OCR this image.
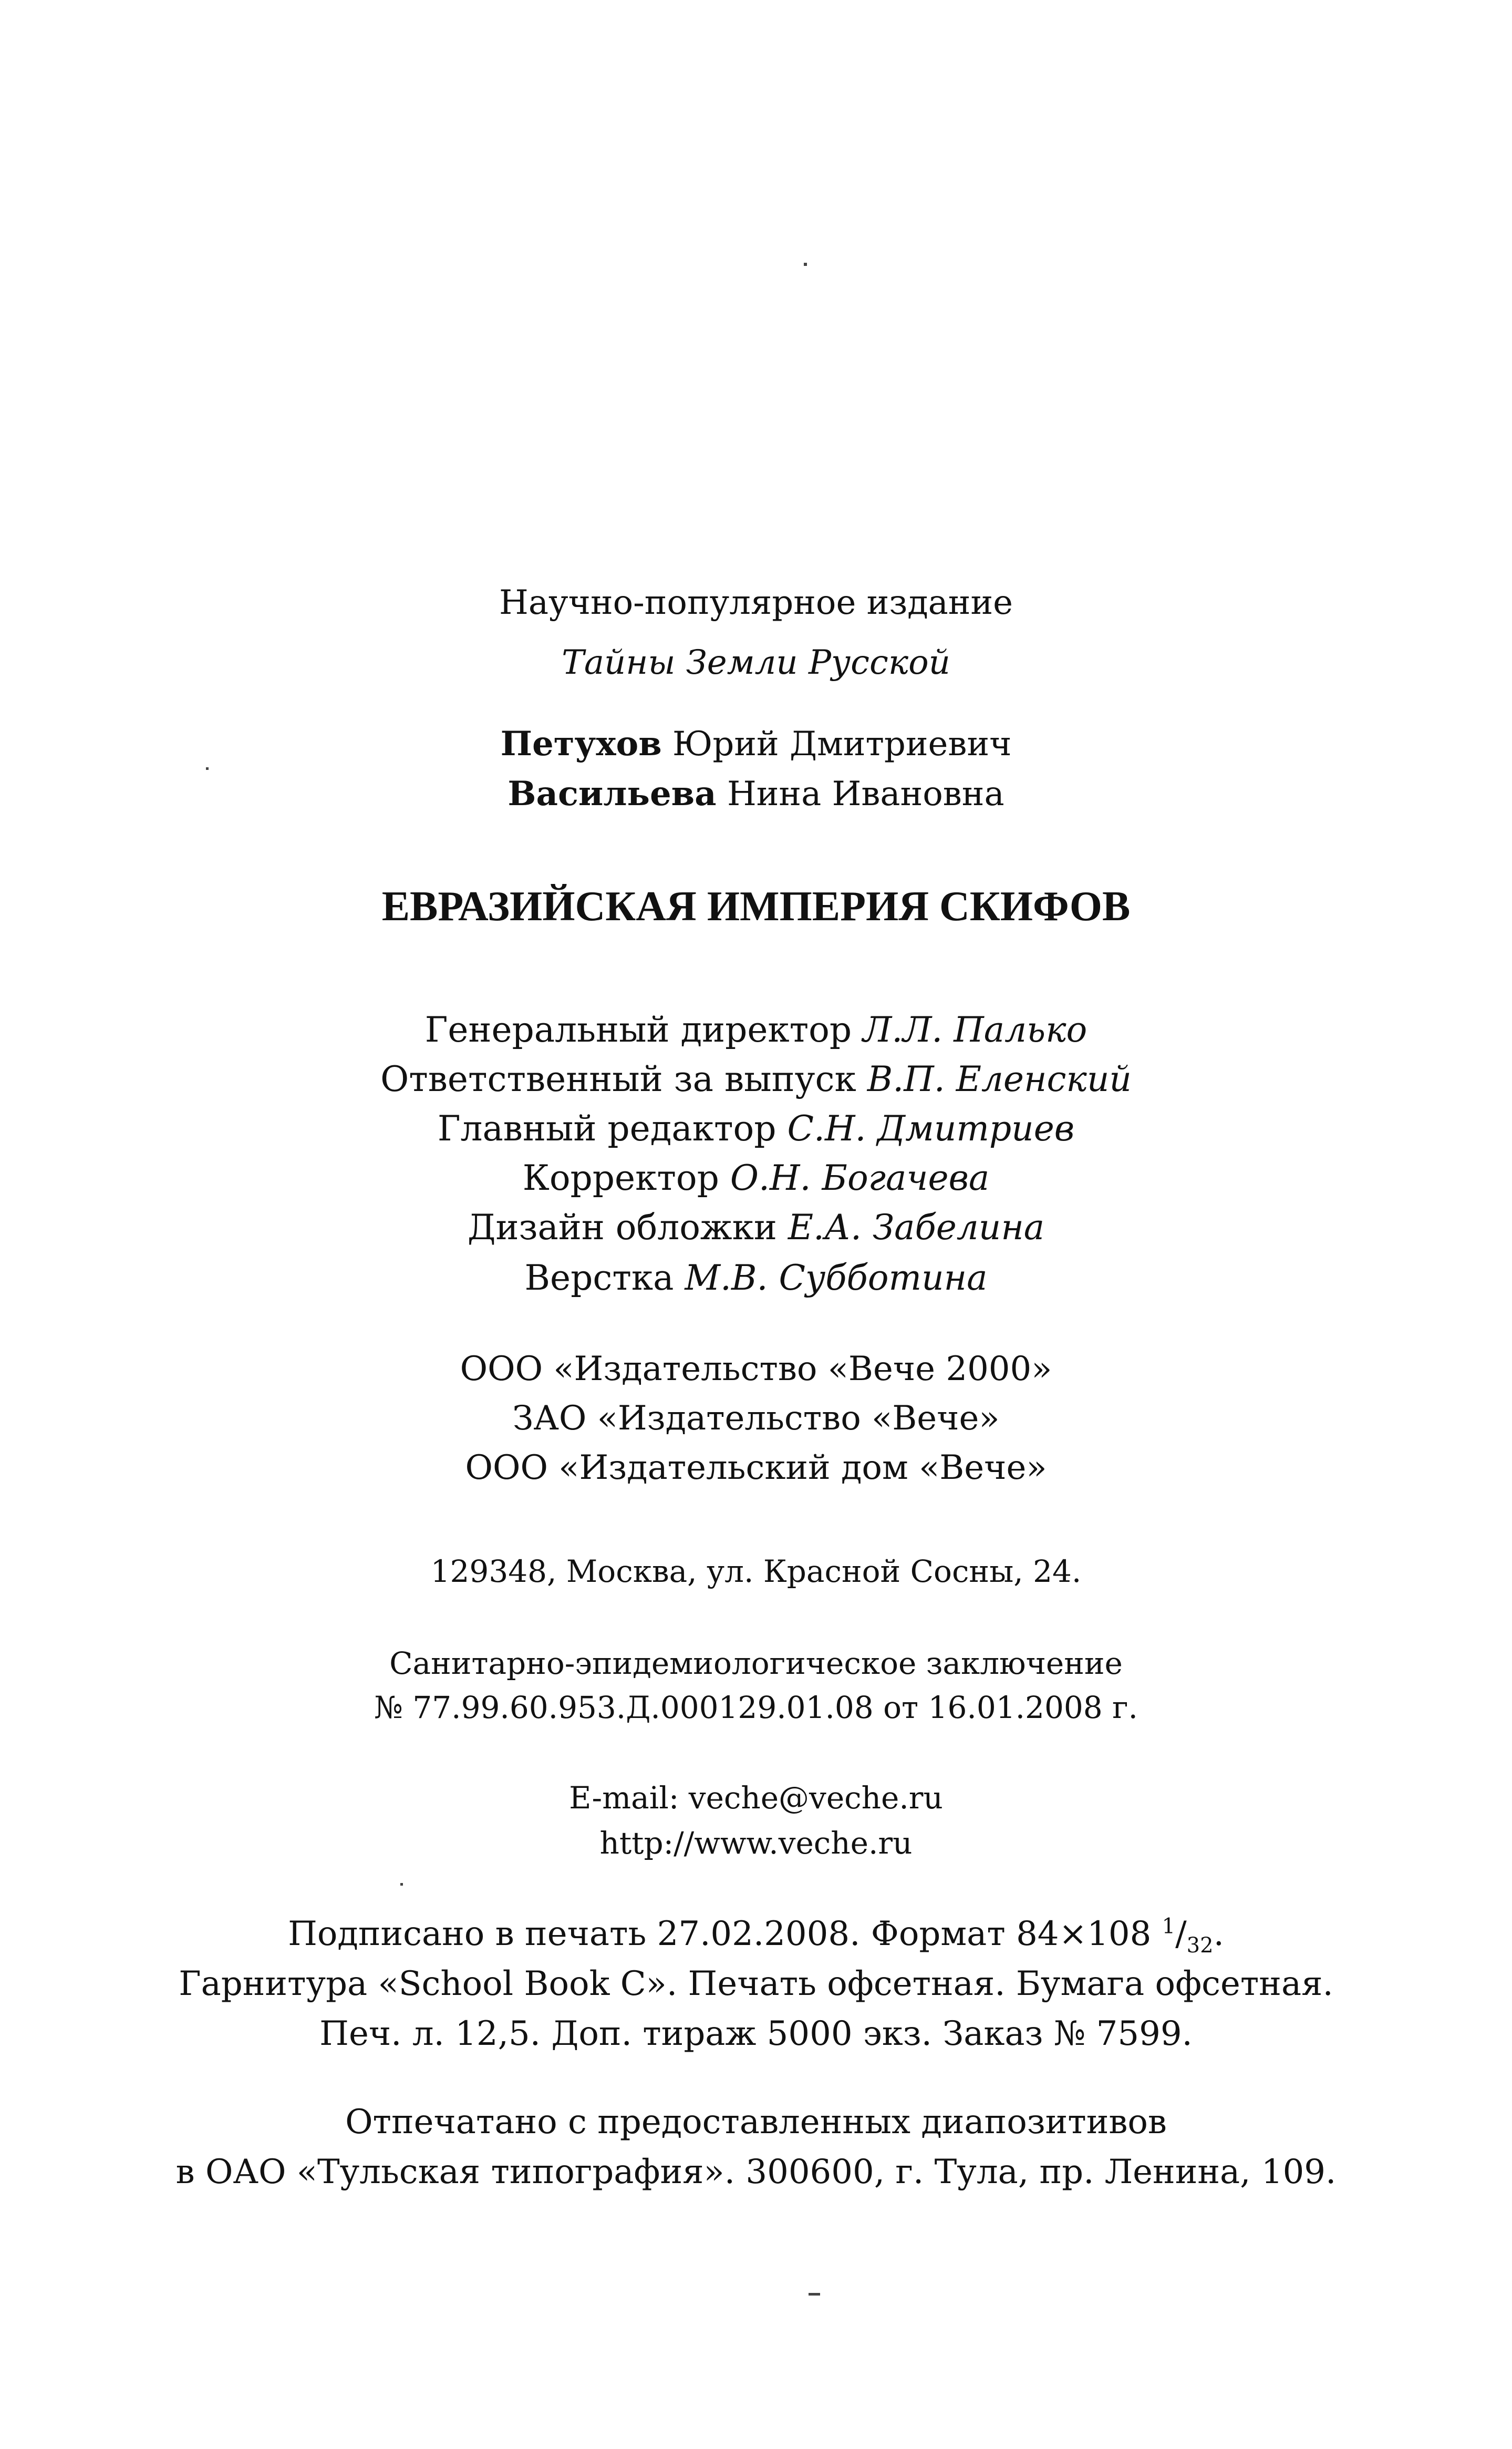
Научно-популярное издание
Тайны Земли Русской
Петухов Юрий Дмитриевич
Васильева Нина Ивановна
ЕВРАЗИЙСКАЯ ИМПЕРИЯ СКИФОВ
Генеральный директор Л.Л. Палько
Ответственный за выпуск В.П. Еленский
Главный редактор С.Н. Дмитриев
Корректор О.Н. Богачева
Дизайн обложки Е.А. Забелина
Верстка М.В. Субботина
ООО «Издательство «Вече 2000»
ЗАО «Издательство «Вече»
ООО «Издательский дом «Вече»
129348, Москва, ул. Красной Сосны, 24.
Санитарно-эпидемиологическое заключение
№ 77.99.60.953.Д.000129.01.08 от 16.01.2008 г.
E-mail: veche@veche.ru
http://www.veche.ru
Подписано в печать 27.02.2008. Формат 84×108 $^1/_{32}$.
Гарнитура «School Book C». Печать офсетная. Бумага офсетная.
Печ. л. 12,5. Доп. тираж 5000 экз. Заказ № 7599.
Отпечатано с предоставленных диапозитивов
в ОАО «Тульская типография». 300600, г. Тула, пр. Ленина, 109.
